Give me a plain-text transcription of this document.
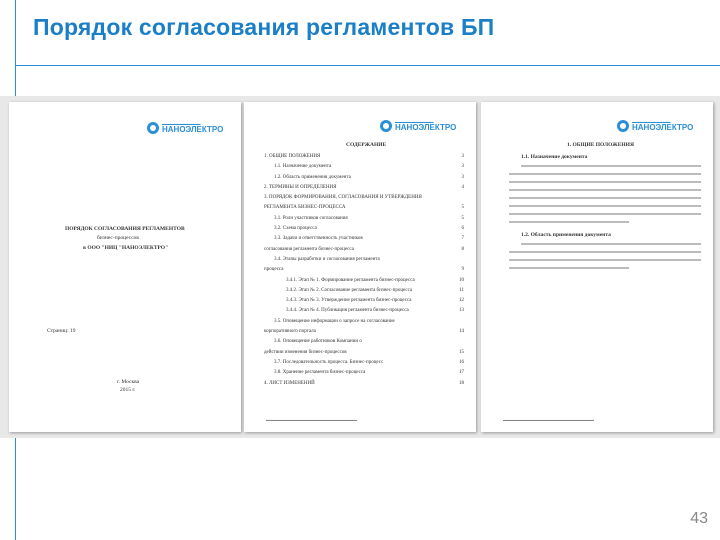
Порядок согласования регламентов БП
▬▬▬▬▬▬▬▬▬▬▬
НАНОЭЛЕКТРО
ПОРЯДОК СОГЛАСОВАНИЯ РЕГЛАМЕНТОВ
бизнес-процессов
в ООО "НИЦ "НАНОЭЛЕКТРО"
Страниц: 19
г. Москва
2015 г.
▬▬▬▬▬▬▬▬▬▬▬
НАНОЭЛЕКТРО
СОДЕРЖАНИЕ
1. ОБЩИЕ ПОЛОЖЕНИЯ	3
1.1. Назначение документа	3
1.2. Область применения документа	3
2. ТЕРМИНЫ И ОПРЕДЕЛЕНИЯ	4
3. ПОРЯДОК ФОРМИРОВАНИЯ, СОГЛАСОВАНИЯ И УТВЕРЖДЕНИЯ
РЕГЛАМЕНТА БИЗНЕС-ПРОЦЕССА	5
3.1. Роли участников согласования	5
3.2. Схема процесса	6
3.3. Задачи и ответственность участников	7
согласования регламента бизнес-процесса	8
3.4. Этапы разработки и согласования регламента
процесса	9
3.4.1. Этап № 1. Формирование регламента бизнес-процесса	10
3.4.2. Этап № 2. Согласование регламента бизнес-процесса	11
3.4.3. Этап № 3. Утверждение регламента бизнес-процесса	12
3.4.4. Этап № 4. Публикация регламента бизнес-процесса	13
3.5. Оповещение информации о запросе на согласование
корпоративного портала	14
3.6. Оповещение работников Компании о
действии изменения бизнес-процессов	15
3.7. Последовательность процесса. Бизнес-процесс	16
3.8. Хранение регламента бизнес-процесса	17
4. ЛИСТ ИЗМЕНЕНИЙ	18
▬▬▬▬▬▬▬▬▬▬▬▬▬▬▬▬▬▬▬▬▬▬▬▬▬▬
▬▬▬▬▬▬▬▬▬▬▬
НАНОЭЛЕКТРО
1. ОБЩИЕ ПОЛОЖЕНИЯ
1.1. Назначение документа
1.2. Область применения документа
▬▬▬▬▬▬▬▬▬▬▬▬▬▬▬▬▬▬▬▬▬▬▬▬▬▬
43
